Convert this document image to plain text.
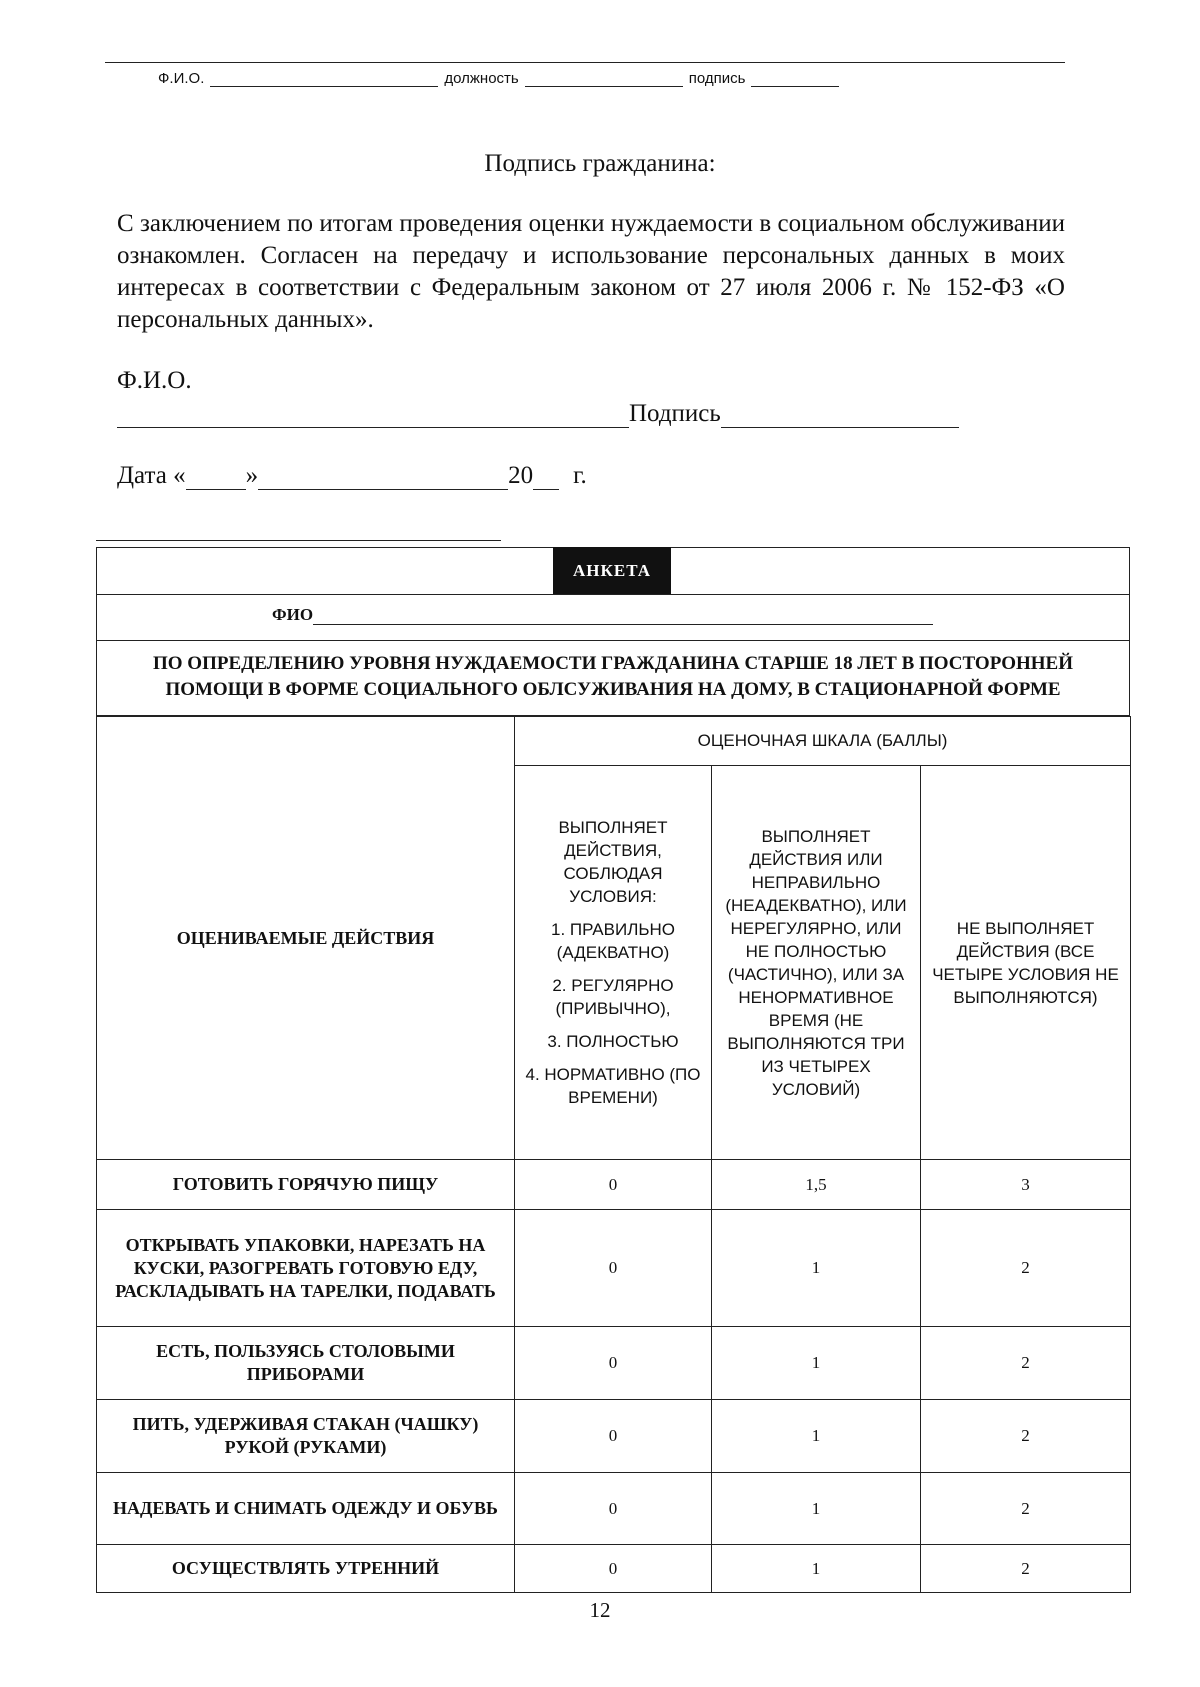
Ф.И.О.	должность	подпись
Подпись гражданина:

С заключением по итогам проведения оценки нуждаемости в социальном обслуживании ознакомлен. Согласен на передачу и использование персональных данных в моих интересах в соответствии с Федеральным законом от 27 июля 2006 г. № 152-ФЗ «О персональных данных».

Ф.И.О.
Подпись
Дата « »	20 г.
АНКЕТА
ФИО
ПО ОПРЕДЕЛЕНИЮ УРОВНЯ НУЖДАЕМОСТИ ГРАЖДАНИНА СТАРШЕ 18 ЛЕТ В ПОСТОРОННЕЙ
ПОМОЩИ В ФОРМЕ СОЦИАЛЬНОГО ОБЛСУЖИВАНИЯ НА ДОМУ, В СТАЦИОНАРНОЙ ФОРМЕ
ОЦЕНИВАЕМЫЕ ДЕЙСТВИЯ	ОЦЕНОЧНАЯ ШКАЛА (БАЛЛЫ)		

	ВЫПОЛНЯЕТ ДЕЙСТВИЯ, СОБЛЮДАЯ УСЛОВИЯ:

1. ПРАВИЛЬНО (АДЕКВАТНО)

2. РЕГУЛЯРНО (ПРИВЫЧНО),

3. ПОЛНОСТЬЮ

4. НОРМАТИВНО (ПО ВРЕМЕНИ)	ВЫПОЛНЯЕТ ДЕЙСТВИЯ ИЛИ НЕПРАВИЛЬНО (НЕАДЕКВАТНО), ИЛИ НЕРЕГУЛЯРНО, ИЛИ НЕ ПОЛНОСТЬЮ (ЧАСТИЧНО), ИЛИ ЗА НЕНОРМАТИВНОЕ ВРЕМЯ (НЕ ВЫПОЛНЯЮТСЯ ТРИ ИЗ ЧЕТЫРЕХ УСЛОВИЙ)	НЕ ВЫПОЛНЯЕТ ДЕЙСТВИЯ (ВСЕ ЧЕТЫРЕ УСЛОВИЯ НЕ ВЫПОЛНЯЮТСЯ)
ГОТОВИТЬ ГОРЯЧУЮ ПИЩУ	0	1,5	3
ОТКРЫВАТЬ УПАКОВКИ, НАРЕЗАТЬ НА КУСКИ, РАЗОГРЕВАТЬ ГОТОВУЮ ЕДУ, РАСКЛАДЫВАТЬ НА ТАРЕЛКИ, ПОДАВАТЬ	0	1	2
ЕСТЬ, ПОЛЬЗУЯСЬ СТОЛОВЫМИ ПРИБОРАМИ	0	1	2
ПИТЬ, УДЕРЖИВАЯ СТАКАН (ЧАШКУ) РУКОЙ (РУКАМИ)	0	1	2
НАДЕВАТЬ И СНИМАТЬ ОДЕЖДУ И ОБУВЬ	0	1	2
ОСУЩЕСТВЛЯТЬ УТРЕННИЙ	0	1	2
12
